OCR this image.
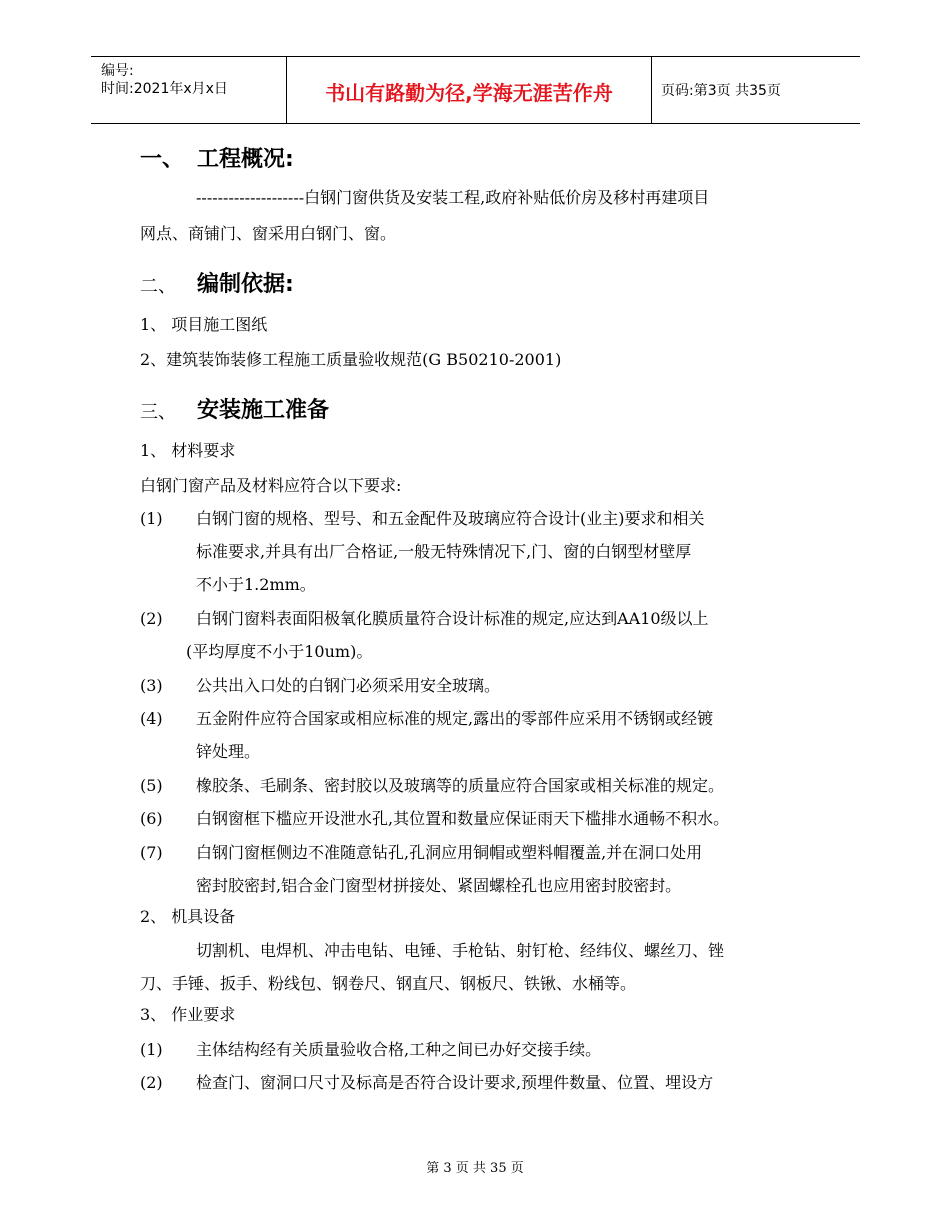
编号:
时间:2021年x月x日	书山有路勤为径,学海无涯苦作舟	页码:第3页 共35页
一、 工程概况:
--------------------白钢门窗供货及安装工程,政府补贴低价房及移村再建项目
网点、商铺门、窗采用白钢门、窗。
二、 编制依据:
1、 项目施工图纸
2、建筑装饰装修工程施工质量验收规范(G B50210-2001)
三、 安装施工准备
1、 材料要求
白钢门窗产品及材料应符合以下要求:
(1) 白钢门窗的规格、型号、和五金配件及玻璃应符合设计(业主)要求和相关
标准要求,并具有出厂合格证,一般无特殊情况下,门、窗的白钢型材壁厚
不小于1.2mm。
(2) 白钢门窗料表面阳极氧化膜质量符合设计标准的规定,应达到AA10级以上
(平均厚度不小于10um)。
(3) 公共出入口处的白钢门必须采用安全玻璃。
(4) 五金附件应符合国家或相应标准的规定,露出的零部件应采用不锈钢或经镀
锌处理。
(5) 橡胶条、毛刷条、密封胶以及玻璃等的质量应符合国家或相关标准的规定。
(6) 白钢窗框下槛应开设泄水孔,其位置和数量应保证雨天下槛排水通畅不积水。
(7) 白钢门窗框侧边不准随意钻孔,孔洞应用铜帽或塑料帽覆盖,并在洞口处用
密封胶密封,铝合金门窗型材拼接处、紧固螺栓孔也应用密封胶密封。
2、 机具设备
切割机、电焊机、冲击电钻、电锤、手枪钻、射钉枪、经纬仪、螺丝刀、锉
刀、手锤、扳手、粉线包、钢卷尺、钢直尺、钢板尺、铁锹、水桶等。
3、 作业要求
(1) 主体结构经有关质量验收合格,工种之间已办好交接手续。
(2) 检查门、窗洞口尺寸及标高是否符合设计要求,预埋件数量、位置、埋设方
第 3 页 共 35 页
